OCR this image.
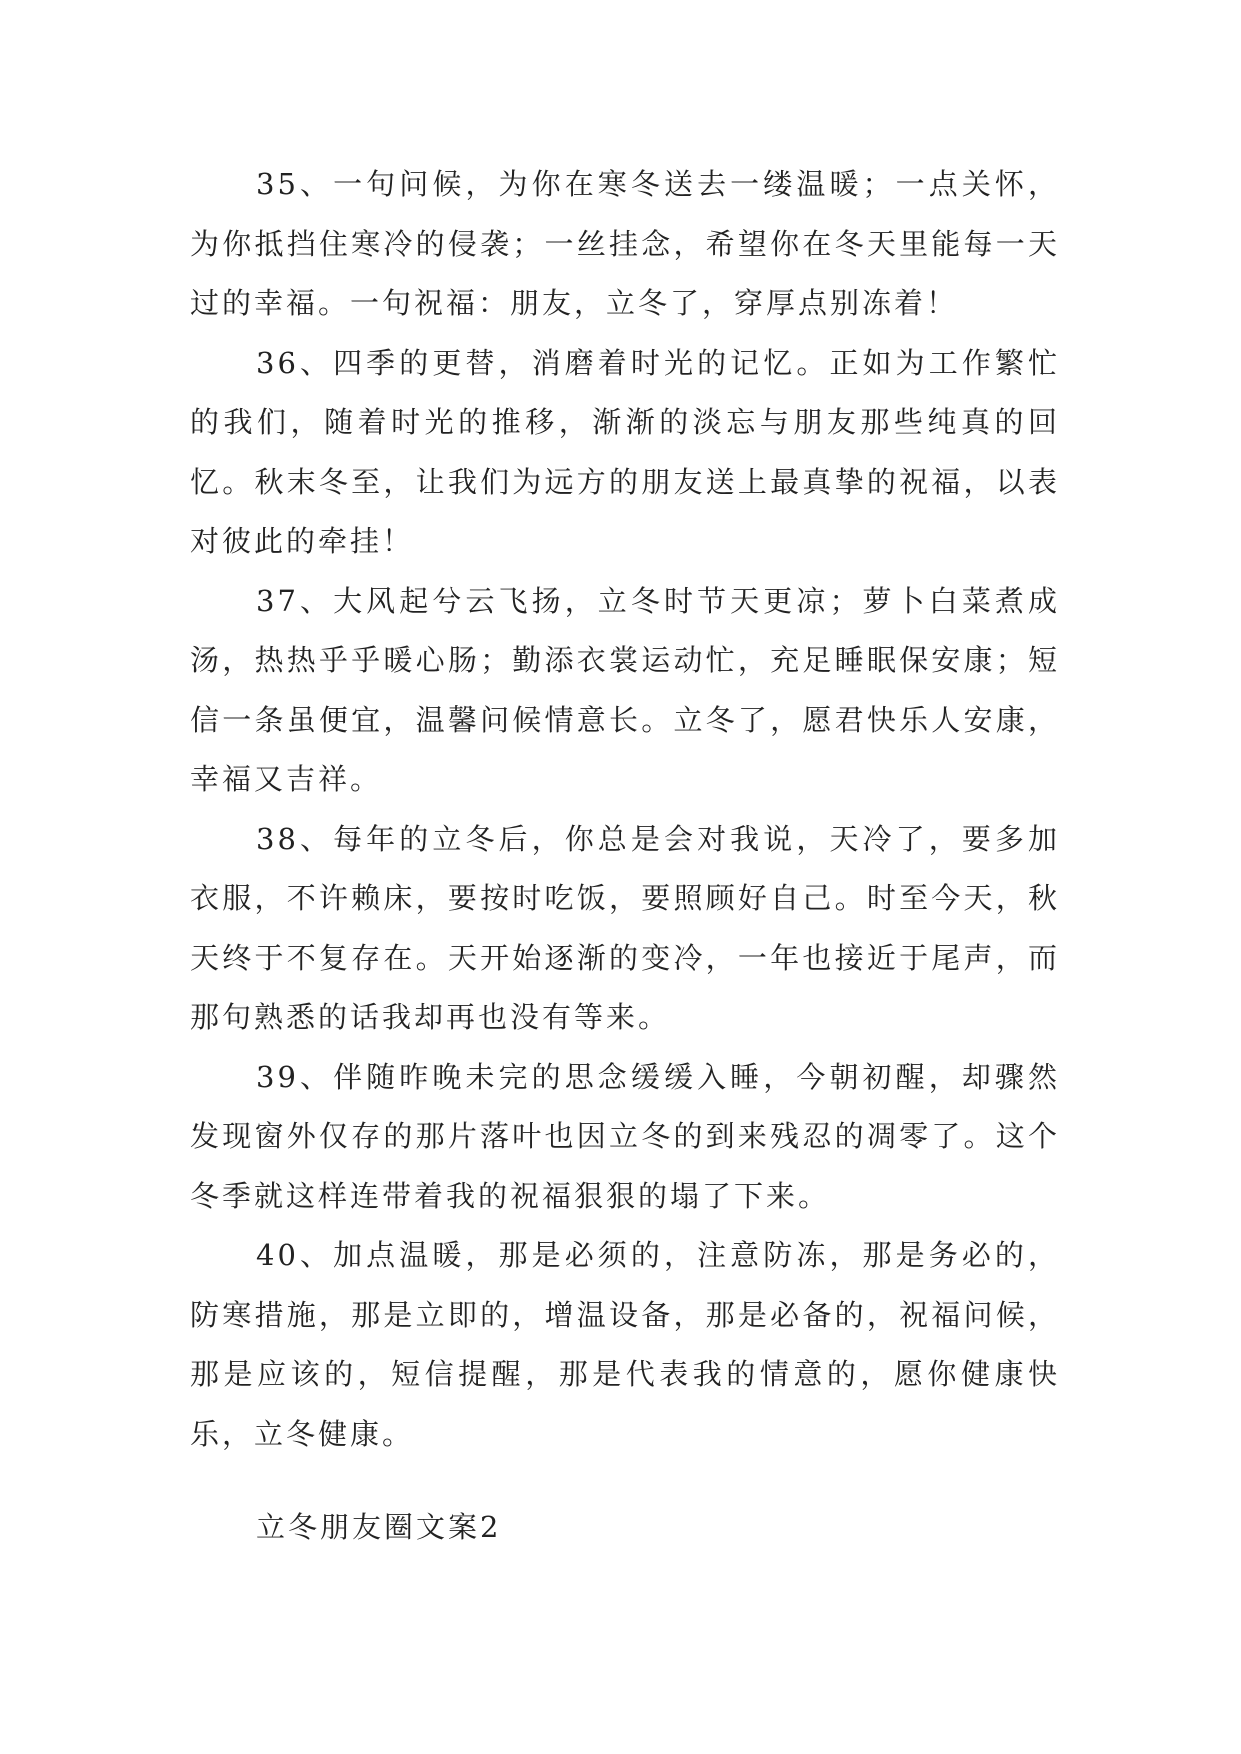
35、一句问候，为你在寒冬送去一缕温暖；一点关怀，为你抵挡住寒冷的侵袭；一丝挂念，希望你在冬天里能每一天过的幸福。一句祝福：朋友，立冬了，穿厚点别冻着！

36、四季的更替，消磨着时光的记忆。正如为工作繁忙的我们，随着时光的推移，渐渐的淡忘与朋友那些纯真的回忆。秋末冬至，让我们为远方的朋友送上最真挚的祝福，以表对彼此的牵挂！

37、大风起兮云飞扬，立冬时节天更凉；萝卜白菜煮成汤，热热乎乎暖心肠；勤添衣裳运动忙，充足睡眠保安康；短信一条虽便宜，温馨问候情意长。立冬了，愿君快乐人安康，幸福又吉祥。

38、每年的立冬后，你总是会对我说，天冷了，要多加衣服，不许赖床，要按时吃饭，要照顾好自己。时至今天，秋天终于不复存在。天开始逐渐的变冷，一年也接近于尾声，而那句熟悉的话我却再也没有等来。

39、伴随昨晚未完的思念缓缓入睡，今朝初醒，却骤然发现窗外仅存的那片落叶也因立冬的到来残忍的凋零了。这个冬季就这样连带着我的祝福狠狠的塌了下来。

40、加点温暖，那是必须的，注意防冻，那是务必的，防寒措施，那是立即的，增温设备，那是必备的，祝福问候，那是应该的，短信提醒，那是代表我的情意的，愿你健康快乐，立冬健康。

立冬朋友圈文案2
